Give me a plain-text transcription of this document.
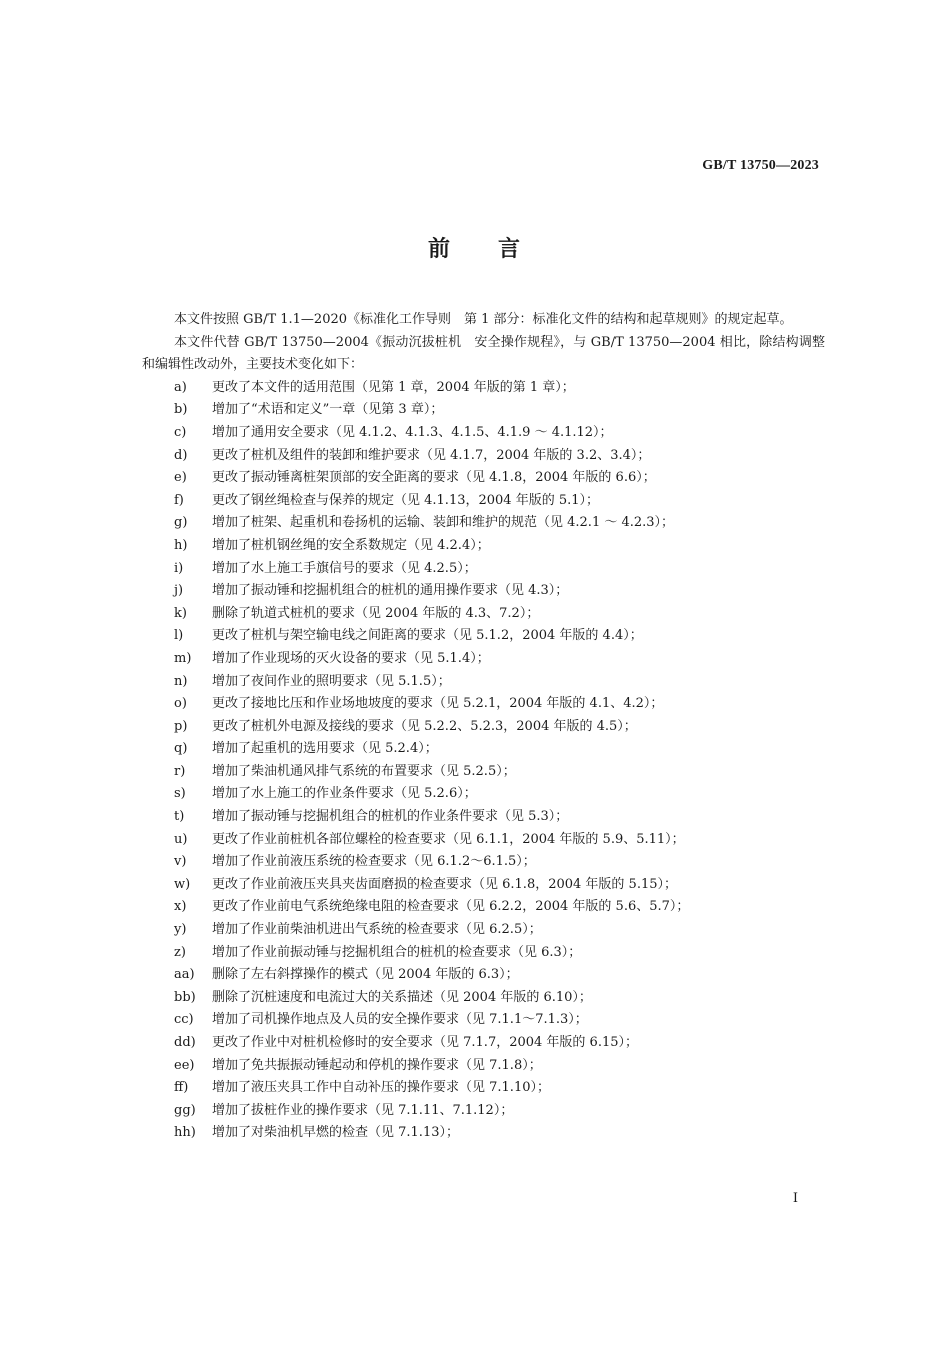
GB/T 13750—2023
前 言

本文件按照 GB/T 1.1—2020《标准化工作导则　第 1 部分：标准化文件的结构和起草规则》的规定起草。

本文件代替 GB/T 13750—2004《振动沉拔桩机　安全操作规程》，与 GB/T 13750—2004 相比，除结构调整和编辑性改动外，主要技术变化如下：

a)	更改了本文件的适用范围（见第 1 章，2004 年版的第 1 章）；
b)	增加了“术语和定义”一章（见第 3 章）；
c)	增加了通用安全要求（见 4.1.2、4.1.3、4.1.5、4.1.9 ～ 4.1.12）；
d)	更改了桩机及组件的装卸和维护要求（见 4.1.7，2004 年版的 3.2、3.4）；
e)	更改了振动锤离桩架顶部的安全距离的要求（见 4.1.8，2004 年版的 6.6）；
f)	更改了钢丝绳检查与保养的规定（见 4.1.13，2004 年版的 5.1）；
g)	增加了桩架、起重机和卷扬机的运输、装卸和维护的规范（见 4.2.1 ～ 4.2.3）；
h)	增加了桩机钢丝绳的安全系数规定（见 4.2.4）；
i)	增加了水上施工手旗信号的要求（见 4.2.5）；
j)	增加了振动锤和挖掘机组合的桩机的通用操作要求（见 4.3）；
k)	删除了轨道式桩机的要求（见 2004 年版的 4.3、7.2）；
l)	更改了桩机与架空输电线之间距离的要求（见 5.1.2，2004 年版的 4.4）；
m)	增加了作业现场的灭火设备的要求（见 5.1.4）；
n)	增加了夜间作业的照明要求（见 5.1.5）；
o)	更改了接地比压和作业场地坡度的要求（见 5.2.1，2004 年版的 4.1、4.2）；
p)	更改了桩机外电源及接线的要求（见 5.2.2、5.2.3，2004 年版的 4.5）；
q)	增加了起重机的选用要求（见 5.2.4）；
r)	增加了柴油机通风排气系统的布置要求（见 5.2.5）；
s)	增加了水上施工的作业条件要求（见 5.2.6）；
t)	增加了振动锤与挖掘机组合的桩机的作业条件要求（见 5.3）；
u)	更改了作业前桩机各部位螺栓的检查要求（见 6.1.1，2004 年版的 5.9、5.11）；
v)	增加了作业前液压系统的检查要求（见 6.1.2～6.1.5）；
w)	更改了作业前液压夹具夹齿面磨损的检查要求（见 6.1.8，2004 年版的 5.15）；
x)	更改了作业前电气系统绝缘电阻的检查要求（见 6.2.2，2004 年版的 5.6、5.7）；
y)	增加了作业前柴油机进出气系统的检查要求（见 6.2.5）；
z)	增加了作业前振动锤与挖掘机组合的桩机的检查要求（见 6.3）；
aa)	删除了左右斜撑操作的模式（见 2004 年版的 6.3）；
bb)	删除了沉桩速度和电流过大的关系描述（见 2004 年版的 6.10）；
cc)	增加了司机操作地点及人员的安全操作要求（见 7.1.1～7.1.3）；
dd)	更改了作业中对桩机检修时的安全要求（见 7.1.7，2004 年版的 6.15）；
ee)	增加了免共振振动锤起动和停机的操作要求（见 7.1.8）；
ff)	增加了液压夹具工作中自动补压的操作要求（见 7.1.10）；
gg)	增加了拔桩作业的操作要求（见 7.1.11、7.1.12）；
hh)	增加了对柴油机早燃的检查（见 7.1.13）；
I
